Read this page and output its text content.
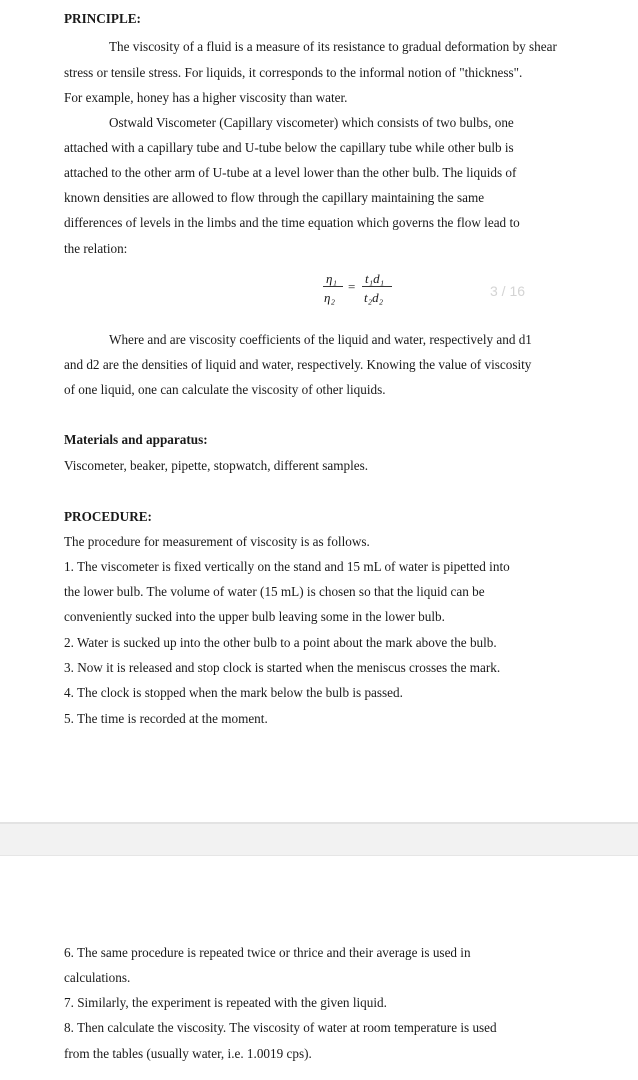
PRINCIPLE:
The viscosity of a fluid is a measure of its resistance to gradual deformation by shear
stress or tensile stress. For liquids, it corresponds to the informal notion of "thickness".
For example, honey has a higher viscosity than water.
Ostwald Viscometer (Capillary viscometer) which consists of two bulbs, one
attached with a capillary tube and U-tube below the capillary tube while other bulb is
attached to the other arm of U-tube at a level lower than the other bulb. The liquids of
known densities are allowed to flow through the capillary maintaining the same
differences of levels in the limbs and the time equation which governs the flow lead to
the relation:
η₁
η₂
=
t₁d₁
t₂d₂	3 / 16
Where and are viscosity coefficients of the liquid and water, respectively and d1
and d2 are the densities of liquid and water, respectively. Knowing the value of viscosity
of one liquid, one can calculate the viscosity of other liquids.
Materials and apparatus:
Viscometer, beaker, pipette, stopwatch, different samples.
PROCEDURE:
The procedure for measurement of viscosity is as follows.
1. The viscometer is fixed vertically on the stand and 15 mL of water is pipetted into
the lower bulb. The volume of water (15 mL) is chosen so that the liquid can be
conveniently sucked into the upper bulb leaving some in the lower bulb.
2. Water is sucked up into the other bulb to a point about the mark above the bulb.
3. Now it is released and stop clock is started when the meniscus crosses the mark.
4. The clock is stopped when the mark below the bulb is passed.
5. The time is recorded at the moment.
6. The same procedure is repeated twice or thrice and their average is used in
calculations.
7. Similarly, the experiment is repeated with the given liquid.
8. Then calculate the viscosity. The viscosity of water at room temperature is used
from the tables (usually water, i.e. 1.0019 cps).
